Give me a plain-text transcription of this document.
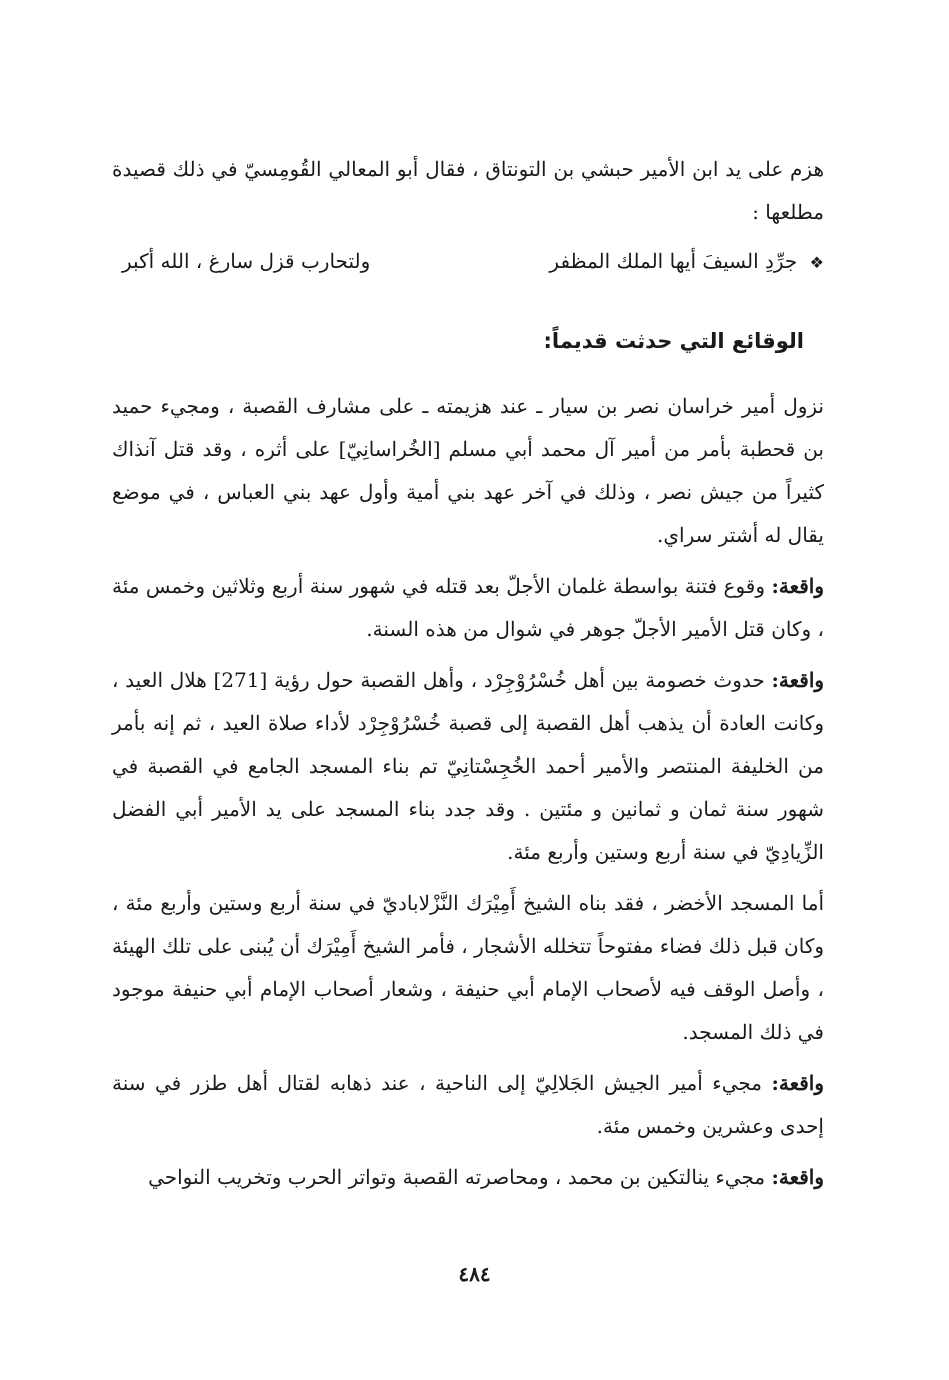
هزم على يد ابن الأمير حبشي بن التونتاق ، فقال أبو المعالي القُومِسيّ في ذلك قصيدة مطلعها :

❖ جرِّدِ السيفَ أيها الملك المظفر
ولتحارب قزل سارغ ، الله أكبر
الوقائع التي حدثت قديماً:

نزول أمير خراسان نصر بن سيار ـ عند هزيمته ـ على مشارف القصبة ، ومجيء حميد بن قحطبة بأمر من أمير آل محمد أبي مسلم [الخُراسانِيّ] على أثره ، وقد قتل آنذاك كثيراً من جيش نصر ، وذلك في آخر عهد بني أمية وأول عهد بني العباس ، في موضع يقال له أشتر سراي.

واقعة: وقوع فتنة بواسطة غلمان الأجلّ بعد قتله في شهور سنة أربع وثلاثين وخمس مئة ، وكان قتل الأمير الأجلّ جوهر في شوال من هذه السنة.

واقعة: حدوث خصومة بين أهل خُسْرُوْجِرْد ، وأهل القصبة حول رؤية [271] هلال العيد ، وكانت العادة أن يذهب أهل القصبة إلى قصبة خُسْرُوْجِرْد لأداء صلاة العيد ، ثم إنه بأمر من الخليفة المنتصر والأمير أحمد الخُجِسْتانِيّ تم بناء المسجد الجامع في القصبة في شهور سنة ثمان و ثمانين و مئتين . وقد جدد بناء المسجد على يد الأمير أبي الفضل الزِّيادِيّ في سنة أربع وستين وأربع مئة.

أما المسجد الأخضر ، فقد بناه الشيخ أَمِيْرَك النَّزْلاباديّ في سنة أربع وستين وأربع مئة ، وكان قبل ذلك فضاء مفتوحاً تتخلله الأشجار ، فأمر الشيخ أَمِيْرَك أن يُبنى على تلك الهيئة ، وأصل الوقف فيه لأصحاب الإمام أبي حنيفة ، وشعار أصحاب الإمام أبي حنيفة موجود في ذلك المسجد.

واقعة: مجيء أمير الجيش الجَلالِيّ إلى الناحية ، عند ذهابه لقتال أهل طزر في سنة إحدى وعشرين وخمس مئة.

واقعة: مجيء ينالتكين بن محمد ، ومحاصرته القصبة وتواتر الحرب وتخريب النواحي

٤٨٤
